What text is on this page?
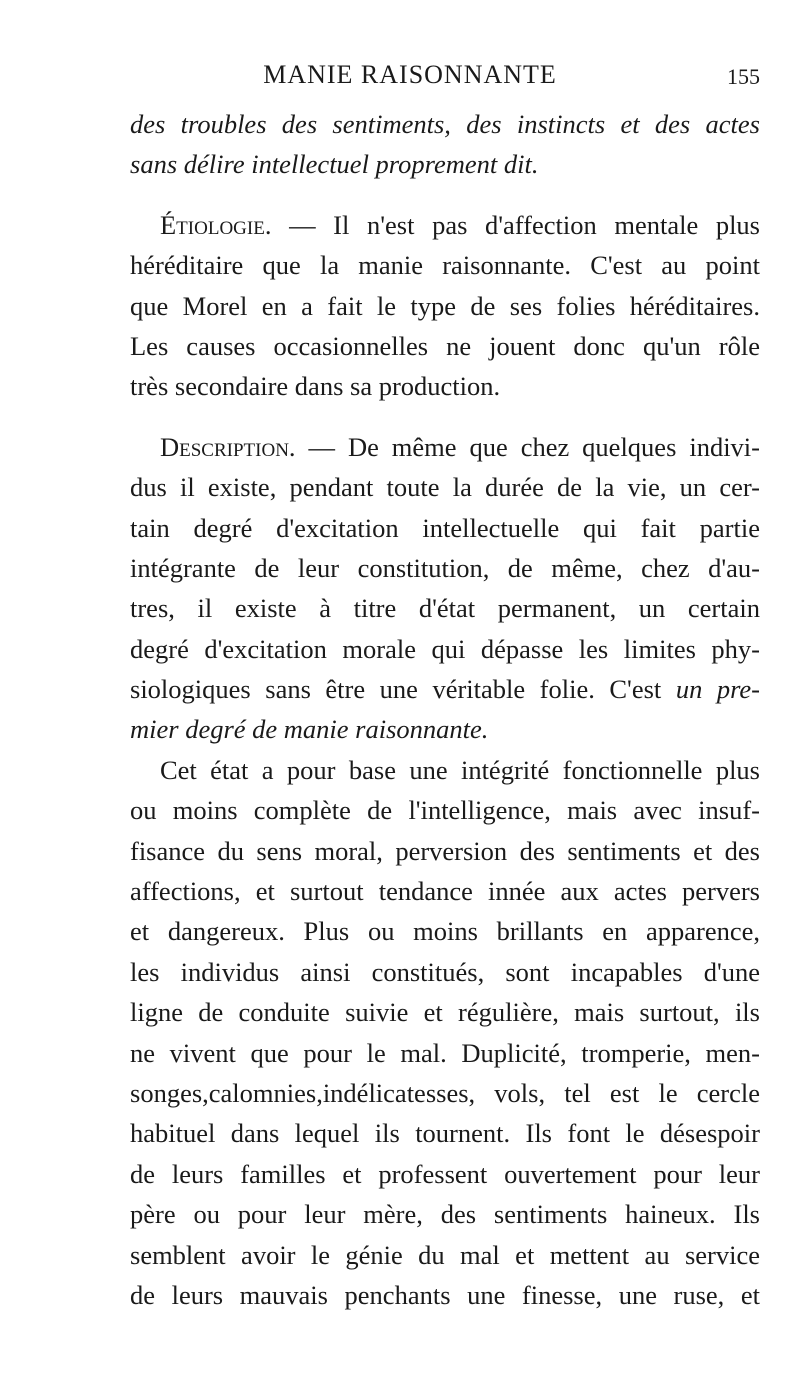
MANIE RAISONNANTE	155
des troubles des sentiments, des instincts et des actes
sans délire intellectuel proprement dit.
Étiologie. — Il n'est pas d'affection mentale plus
héréditaire que la manie raisonnante. C'est au point
que Morel en a fait le type de ses folies héréditaires.
Les causes occasionnelles ne jouent donc qu'un rôle
très secondaire dans sa production.
Description. — De même que chez quelques indivi-
dus il existe, pendant toute la durée de la vie, un cer-
tain degré d'excitation intellectuelle qui fait partie
intégrante de leur constitution, de même, chez d'au-
tres, il existe à titre d'état permanent, un certain
degré d'excitation morale qui dépasse les limites phy-
siologiques sans être une véritable folie. C'est un pre-
mier degré de manie raisonnante.
Cet état a pour base une intégrité fonctionnelle plus
ou moins complète de l'intelligence, mais avec insuf-
fisance du sens moral, perversion des sentiments et des
affections, et surtout tendance innée aux actes pervers
et dangereux. Plus ou moins brillants en apparence,
les individus ainsi constitués, sont incapables d'une
ligne de conduite suivie et régulière, mais surtout, ils
ne vivent que pour le mal. Duplicité, tromperie, men-
songes,calomnies,indélicatesses, vols, tel est le cercle
habituel dans lequel ils tournent. Ils font le désespoir
de leurs familles et professent ouvertement pour leur
père ou pour leur mère, des sentiments haineux. Ils
semblent avoir le génie du mal et mettent au service
de leurs mauvais penchants une finesse, une ruse, et
